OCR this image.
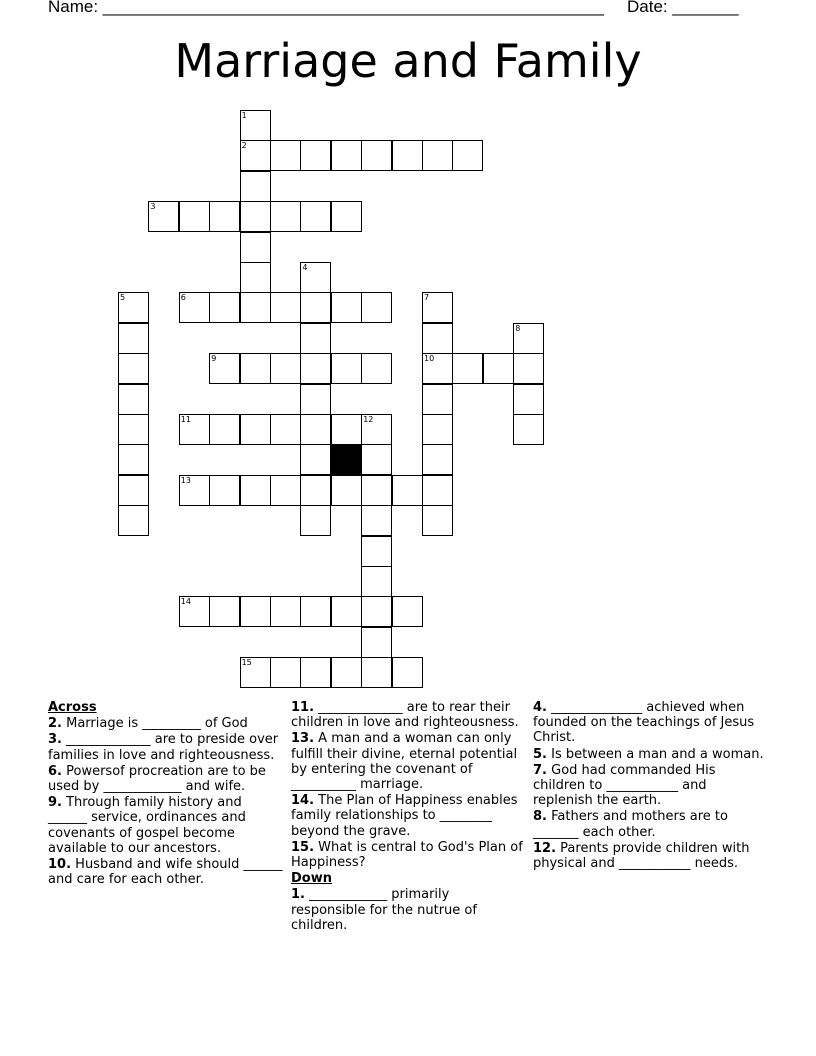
Name: _____________________________________________________ Date: _______
Marriage and Family
1
2
3
4
5	6	7
8
9	10
11	12
13
14
15
Across
2. Marriage is _________ of God
3. _____________ are to preside over families in love and righteousness.
6. Powersof procreation are to be used by ____________ and wife.
9. Through family history and ______ service, ordinances and covenants of gospel become available to our ancestors.
10. Husband and wife should ______ and care for each other.
11. _____________ are to rear their children in love and righteousness.
13. A man and a woman can only fulfill their divine, eternal potential by entering the covenant of __________ marriage.
14. The Plan of Happiness enables family relationships to ________ beyond the grave.
15. What is central to God's Plan of Happiness?
Down
1. ____________ primarily responsible for the nutrue of children.
4. ______________ achieved when founded on the teachings of Jesus Christ.
5. Is between a man and a woman.
7. God had commanded His children to ___________ and replenish the earth.
8. Fathers and mothers are to _______ each other.
12. Parents provide children with physical and ___________ needs.
